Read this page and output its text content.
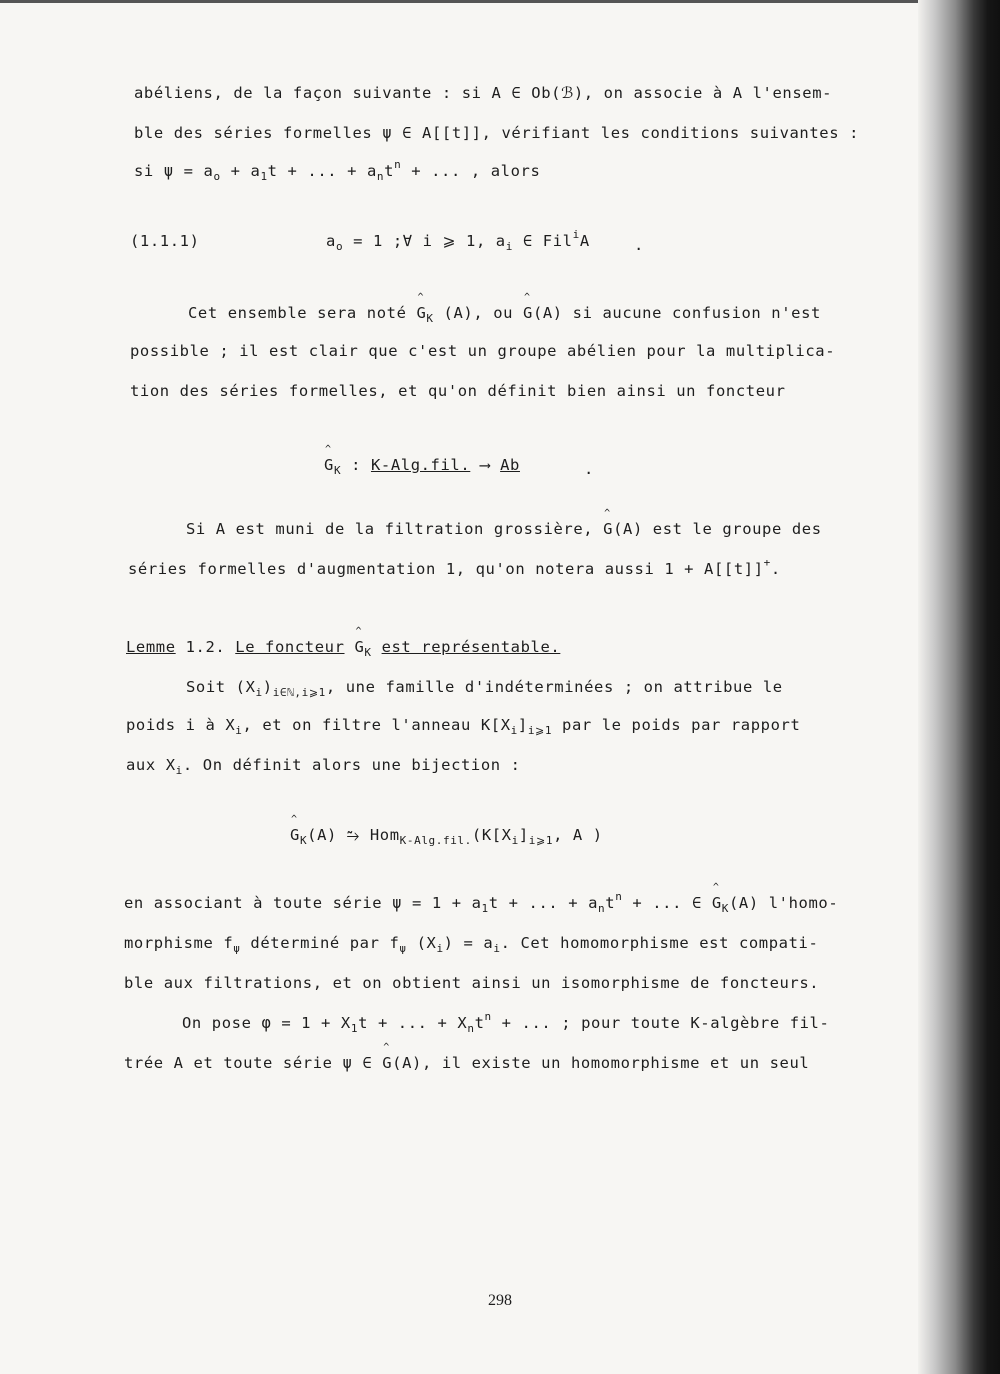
abéliens, de la façon suivante : si A ∈ Ob(ℬ), on associe à A l'ensem-
ble des séries formelles ψ ∈ A[[t]], vérifiant les conditions suivantes :
si $\psi = a_o + a_1t$ + ... + $a_nt^n$ + ... , alors
(1.1.1)	$a_o = 1$ ;∀ i ⩾ 1, $a_i$ ∈ Fil$^i$A	.
Cet ensemble sera noté ^ $G_K$ (A), ou ^ G(A) si aucune confusion n'est
possible ; il est clair que c'est un groupe abélien pour la multiplica-
tion des séries formelles, et qu'on définit bien ainsi un foncteur
^ $G_K$ : K-Alg.fil. ⟶ Ab	.
Si A est muni de la filtration grossière, ^ G(A) est le groupe des
séries formelles d'augmentation 1, qu'on notera aussi 1 + A[[t]]+.
Lemme 1.2. Le foncteur ^ $G_K$ est représentable.
Soit $(X_i)_{i\in ℕ,i⩾1}$, une famille d'indéterminées ; on attribue le
poids i à $X_i$, et on filtre l'anneau $K[X_i]_{i⩾1}$ par le poids par rapport
aux $X_i$. On définit alors une bijection :
^ $G_K(A)$ ⥲ $Hom_{K-Alg.fil.}(K[X_i]_{i⩾1}$, A )
en associant à toute série $\psi = 1 + a_1t$ + ... + $a_nt^n$ + ... ∈ ^ $G_K(A)$ l'homo-
morphisme $f_\psi$ déterminé par $f_\psi$ $(X_i) = a_i$. Cet homomorphisme est compati-
ble aux filtrations, et on obtient ainsi un isomorphisme de foncteurs.
On pose $\varphi = 1 + X_1t$ + ... + $X_nt^n$ + ... ; pour toute K-algèbre fil-
trée A et toute série ψ ∈ ^ G(A), il existe un homomorphisme et un seul
298
